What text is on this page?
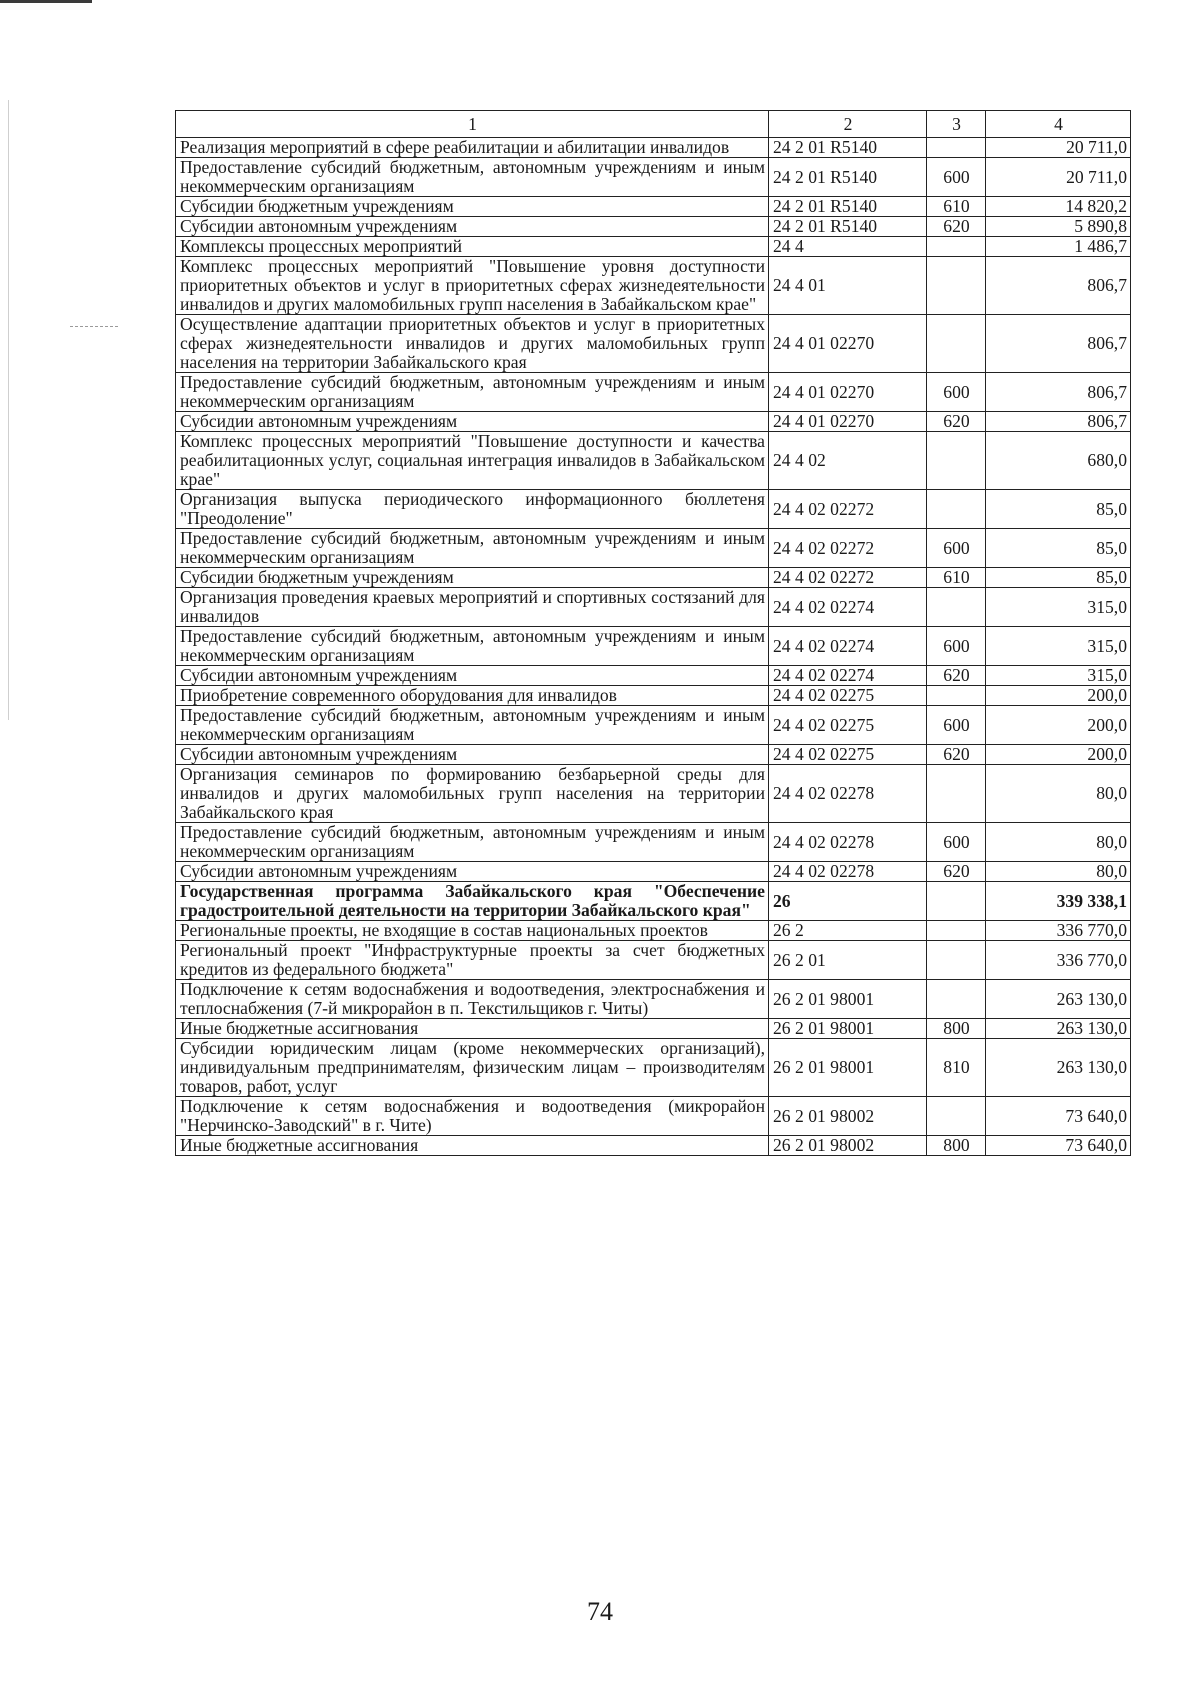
1	2	3	4
Реализация мероприятий в сфере реабилитации и абилитации инвалидов	24 2 01 R5140		20 711,0
Предоставление субсидий бюджетным, автономным учреждениям и иным некоммерческим организациям	24 2 01 R5140	600	20 711,0
Субсидии бюджетным учреждениям	24 2 01 R5140	610	14 820,2
Субсидии автономным учреждениям	24 2 01 R5140	620	5 890,8
Комплексы процессных мероприятий	24 4		1 486,7
Комплекс процессных мероприятий "Повышение уровня доступности приоритетных объектов и услуг в приоритетных сферах жизнедеятельности инвалидов и других маломобильных групп населения в Забайкальском крае"	24 4 01		806,7
Осуществление адаптации приоритетных объектов и услуг в приоритетных сферах жизнедеятельности инвалидов и других маломобильных групп населения на территории Забайкальского края	24 4 01 02270		806,7
Предоставление субсидий бюджетным, автономным учреждениям и иным некоммерческим организациям	24 4 01 02270	600	806,7
Субсидии автономным учреждениям	24 4 01 02270	620	806,7
Комплекс процессных мероприятий "Повышение доступности и качества реабилитационных услуг, социальная интеграция инвалидов в Забайкальском крае"	24 4 02		680,0
Организация выпуска периодического информационного бюллетеня "Преодоление"	24 4 02 02272		85,0
Предоставление субсидий бюджетным, автономным учреждениям и иным некоммерческим организациям	24 4 02 02272	600	85,0
Субсидии бюджетным учреждениям	24 4 02 02272	610	85,0
Организация проведения краевых мероприятий и спортивных состязаний для инвалидов	24 4 02 02274		315,0
Предоставление субсидий бюджетным, автономным учреждениям и иным некоммерческим организациям	24 4 02 02274	600	315,0
Субсидии автономным учреждениям	24 4 02 02274	620	315,0
Приобретение современного оборудования для инвалидов	24 4 02 02275		200,0
Предоставление субсидий бюджетным, автономным учреждениям и иным некоммерческим организациям	24 4 02 02275	600	200,0
Субсидии автономным учреждениям	24 4 02 02275	620	200,0
Организация семинаров по формированию безбарьерной среды для инвалидов и других маломобильных групп населения на территории Забайкальского края	24 4 02 02278		80,0
Предоставление субсидий бюджетным, автономным учреждениям и иным некоммерческим организациям	24 4 02 02278	600	80,0
Субсидии автономным учреждениям	24 4 02 02278	620	80,0
Государственная программа Забайкальского края "Обеспечение градостроительной деятельности на территории Забайкальского края"	26		339 338,1
Региональные проекты, не входящие в состав национальных проектов	26 2		336 770,0
Региональный проект "Инфраструктурные проекты за счет бюджетных кредитов из федерального бюджета"	26 2 01		336 770,0
Подключение к сетям водоснабжения и водоотведения, электроснабжения и теплоснабжения (7-й микрорайон в п. Текстильщиков г. Читы)	26 2 01 98001		263 130,0
Иные бюджетные ассигнования	26 2 01 98001	800	263 130,0
Субсидии юридическим лицам (кроме некоммерческих организаций), индивидуальным предпринимателям, физическим лицам – производителям товаров, работ, услуг	26 2 01 98001	810	263 130,0
Подключение к сетям водоснабжения и водоотведения (микрорайон "Нерчинско-Заводский" в г. Чите)	26 2 01 98002		73 640,0
Иные бюджетные ассигнования	26 2 01 98002	800	73 640,0
74
